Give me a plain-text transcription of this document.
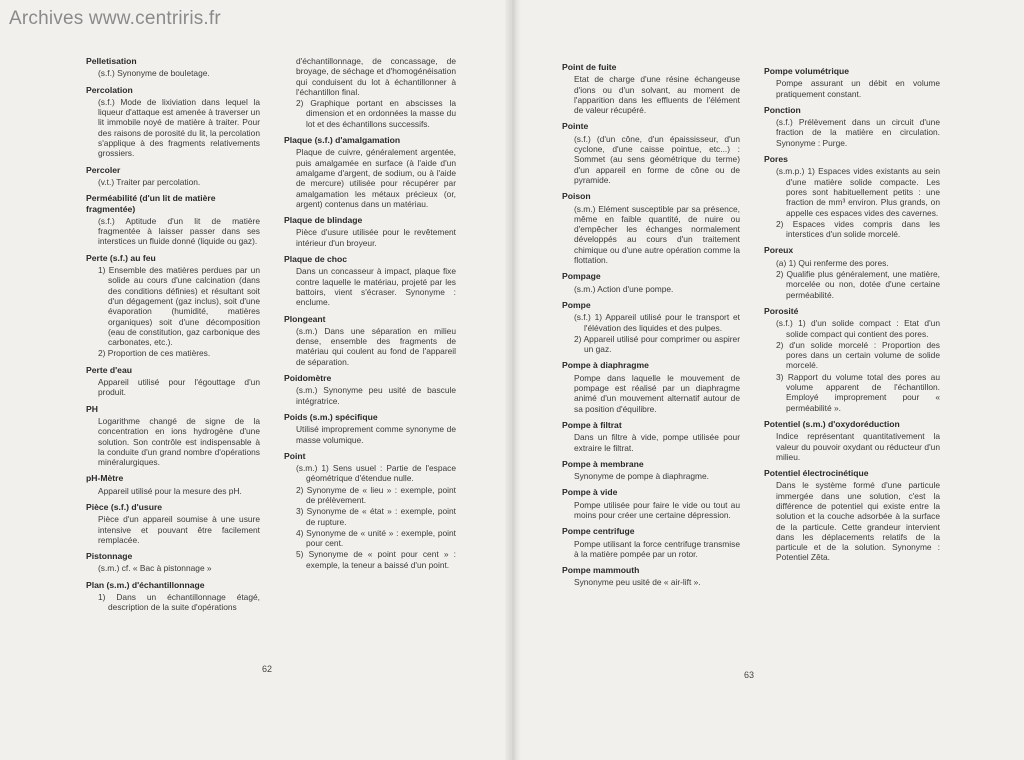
Archives www.centriris.fr
Pelletisation
(s.f.) Synonyme de bouletage.
Percolation
(s.f.) Mode de lixiviation dans lequel la liqueur d'attaque est amenée à traverser un lit immobile noyé de matière à traiter. Pour des raisons de porosité du lit, la percolation s'applique à des fragments relativements grossiers.
Percoler
(v.t.) Traiter par percolation.
Perméabilité (d'un lit de matière fragmentée)
(s.f.) Aptitude d'un lit de matière fragmentée à laisser passer dans ses interstices un fluide donné (liquide ou gaz).
Perte (s.f.) au feu
1) Ensemble des matières perdues par un solide au cours d'une calcination (dans des conditions définies) et résultant soit d'un dégagement (gaz inclus), soit d'une évaporation (humidité, matières organiques) soit d'une décomposition (eau de constitution, gaz carbonique des carbonates, etc.).
2) Proportion de ces matières.
Perte d'eau
Appareil utilisé pour l'égouttage d'un produit.
PH
Logarithme changé de signe de la concentration en ions hydrogène d'une solution. Son contrôle est indispensable à la conduite d'un grand nombre d'opérations minéralurgiques.
pH-Mètre
Appareil utilisé pour la mesure des pH.
Pièce (s.f.) d'usure
Pièce d'un appareil soumise à une usure intensive et pouvant être facilement remplacée.
Pistonnage
(s.m.) cf. « Bac à pistonnage »
Plan (s.m.) d'échantillonnage
1) Dans un échantillonnage étagé, description de la suite d'opérations
d'échantillonnage, de concassage, de broyage, de séchage et d'homogénéisation qui conduisent du lot à échantillonner à l'échantillon final.
2) Graphique portant en abscisses la dimension et en ordonnées la masse du lot et des échantillons successifs.
Plaque (s.f.) d'amalgamation
Plaque de cuivre, généralement argentée, puis amalgamée en surface (à l'aide d'un amalgame d'argent, de sodium, ou à l'aide de mercure) utilisée pour récupérer par amalgamation les métaux précieux (or, argent) contenus dans un matériau.
Plaque de blindage
Pièce d'usure utilisée pour le revêtement intérieur d'un broyeur.
Plaque de choc
Dans un concasseur à impact, plaque fixe contre laquelle le matériau, projeté par les battoirs, vient s'écraser. Synonyme : enclume.
Plongeant
(s.m.) Dans une séparation en milieu dense, ensemble des fragments de matériau qui coulent au fond de l'appareil de séparation.
Poidomètre
(s.m.) Synonyme peu usité de bascule intégratrice.
Poids (s.m.) spécifique
Utilisé improprement comme synonyme de masse volumique.
Point
(s.m.) 1) Sens usuel : Partie de l'espace géométrique d'étendue nulle.
2) Synonyme de « lieu » : exemple, point de prélèvement.
3) Synonyme de « état » : exemple, point de rupture.
4) Synonyme de « unité » : exemple, point pour cent.
5) Synonyme de « point pour cent » : exemple, la teneur a baissé d'un point.
Point de fuite
Etat de charge d'une résine échangeuse d'ions ou d'un solvant, au moment de l'apparition dans les effluents de l'élément de valeur récupéré.
Pointe
(s.f.) (d'un cône, d'un épaississeur, d'un cyclone, d'une caisse pointue, etc...) : Sommet (au sens géométrique du terme) d'un appareil en forme de cône ou de pyramide.
Poison
(s.m.) Elément susceptible par sa présence, même en faible quantité, de nuire ou d'empêcher les échanges normalement développés au cours d'un traitement chimique ou d'une autre opération comme la flottation.
Pompage
(s.m.) Action d'une pompe.
Pompe
(s.f.) 1) Appareil utilisé pour le transport et l'élévation des liquides et des pulpes.
2) Appareil utilisé pour comprimer ou aspirer un gaz.
Pompe à diaphragme
Pompe dans laquelle le mouvement de pompage est réalisé par un diaphragme animé d'un mouvement alternatif autour de sa position d'équilibre.
Pompe à filtrat
Dans un filtre à vide, pompe utilisée pour extraire le filtrat.
Pompe à membrane
Synonyme de pompe à diaphragme.
Pompe à vide
Pompe utilisée pour faire le vide ou tout au moins pour créer une certaine dépression.
Pompe centrifuge
Pompe utilisant la force centrifuge transmise à la matière pompée par un rotor.
Pompe mammouth
Synonyme peu usité de « air-lift ».
Pompe volumétrique
Pompe assurant un débit en volume pratiquement constant.
Ponction
(s.f.) Prélèvement dans un circuit d'une fraction de la matière en circulation. Synonyme : Purge.
Pores
(s.m.p.) 1) Espaces vides existants au sein d'une matière solide compacte. Les pores sont habituellement petits : une fraction de mm³ environ. Plus grands, on appelle ces espaces vides des cavernes.
2) Espaces vides compris dans les interstices d'un solide morcelé.
Poreux
(a) 1) Qui renferme des pores.
2) Qualifie plus généralement, une matière, morcelée ou non, dotée d'une certaine perméabilité.
Porosité
(s.f.) 1) d'un solide compact : Etat d'un solide compact qui contient des pores.
2) d'un solide morcelé : Proportion des pores dans un certain volume de solide morcelé.
3) Rapport du volume total des pores au volume apparent de l'échantillon. Employé improprement pour « perméabilité ».
Potentiel (s.m.) d'oxydoréduction
Indice représentant quantitativement la valeur du pouvoir oxydant ou réducteur d'un milieu.
Potentiel électrocinétique
Dans le système formé d'une particule immergée dans une solution, c'est la différence de potentiel qui existe entre la solution et la couche adsorbée à la surface de la particule. Cette grandeur intervient dans les déplacements relatifs de la particule et de la solution. Synonyme : Potentiel Zêta.
62
63
